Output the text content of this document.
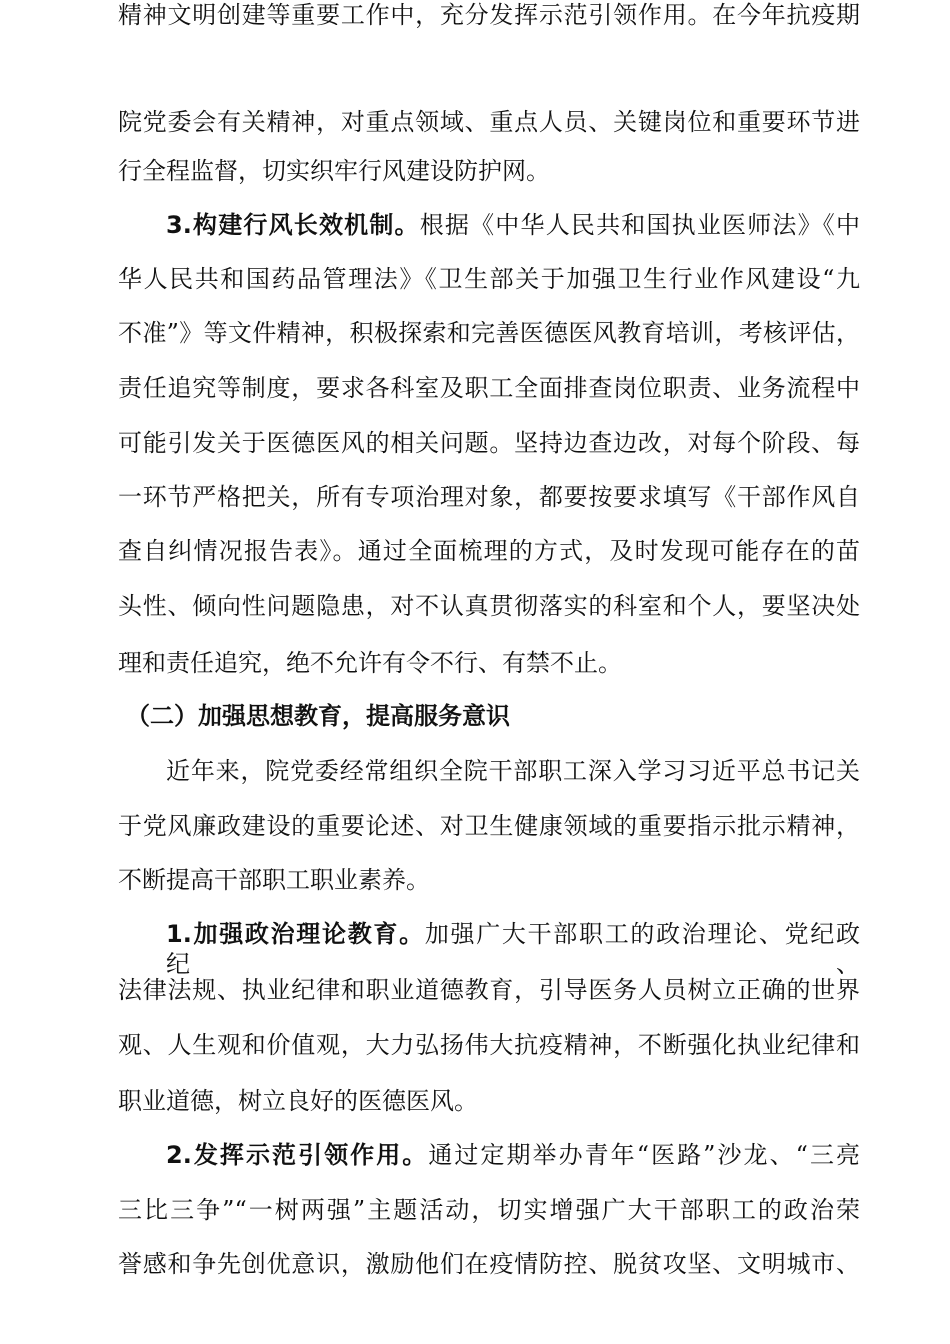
院党委会有关精神，对重点领域、重点人员、关键岗位和重要环节进
行全程监督，切实织牢行风建设防护网。
3.构建行风长效机制。根据《中华人民共和国执业医师法》《中
华人民共和国药品管理法》《卫生部关于加强卫生行业作风建设“九
不准”》等文件精神，积极探索和完善医德医风教育培训，考核评估，
责任追究等制度，要求各科室及职工全面排查岗位职责、业务流程中
可能引发关于医德医风的相关问题。坚持边查边改，对每个阶段、每
一环节严格把关，所有专项治理对象，都要按要求填写《干部作风自
查自纠情况报告表》。通过全面梳理的方式，及时发现可能存在的苗
头性、倾向性问题隐患，对不认真贯彻落实的科室和个人，要坚决处
理和责任追究，绝不允许有令不行、有禁不止。
（二）加强思想教育，提高服务意识
近年来，院党委经常组织全院干部职工深入学习习近平总书记关
于党风廉政建设的重要论述、对卫生健康领域的重要指示批示精神，
不断提高干部职工职业素养。
1.加强政治理论教育。加强广大干部职工的政治理论、党纪政纪、
法律法规、执业纪律和职业道德教育，引导医务人员树立正确的世界
观、人生观和价值观，大力弘扬伟大抗疫精神，不断强化执业纪律和
职业道德，树立良好的医德医风。
2.发挥示范引领作用。通过定期举办青年“医路”沙龙、“三亮
三比三争”“一树两强”主题活动，切实增强广大干部职工的政治荣
誉感和争先创优意识，激励他们在疫情防控、脱贫攻坚、文明城市、
精神文明创建等重要工作中，充分发挥示范引领作用。在今年抗疫期
